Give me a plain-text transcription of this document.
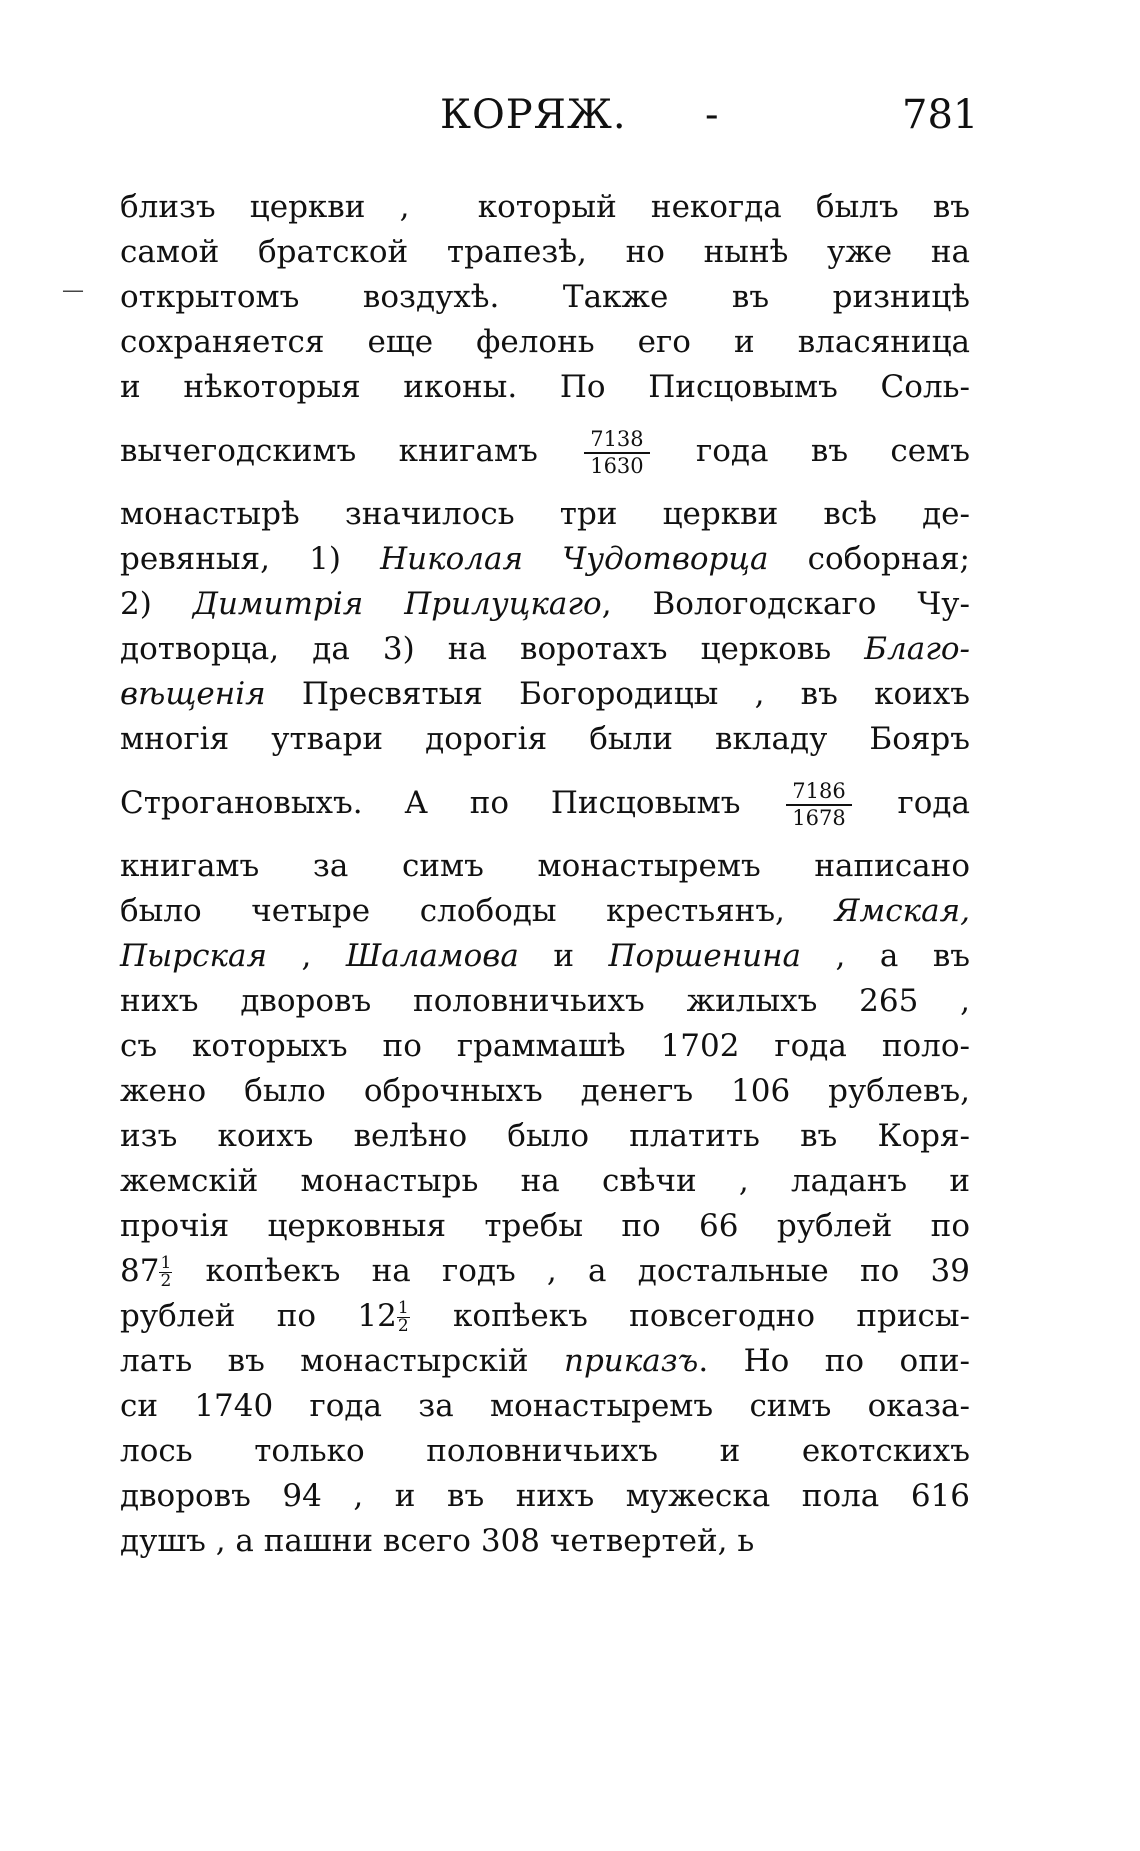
КОРЯЖ. -	781
—
близъ церкви ,  который некогда былъ въ
самой братской трапезѣ, но нынѣ уже на
открытомъ воздухѣ. Также въ ризницѣ
сохраняется еще фелонь его и власяница
и нѣкоторыя иконы. По Писцовымъ Соль-
вычегодскимъ книгамъ $\frac{7138}{1630}$ года въ семъ
монастырѣ значилось три церкви всѣ де-
ревяныя, 1) Николая Чудотворца соборная;
2) Димитрія Прилуцкаго, Вологодскаго Чу-
дотворца, да 3) на воротахъ церковь Благо-
вѣщенія Пресвятыя Богородицы , въ коихъ
многія утвари дорогія были вкладу Бояръ
Строгановыхъ. А по Писцовымъ $\frac{7186}{1678}$ года
книгамъ за симъ монастыремъ написано
было четыре слободы крестьянъ, Ямская,
Пырская , Шаламова и Поршенина , а въ
нихъ дворовъ половничьихъ жилыхъ 265 ,
съ которыхъ по граммашѣ 1702 года поло-
жено было оброчныхъ денегъ 106 рублевъ,
изъ коихъ велѣно было платить въ Коря-
жемскій монастырь на свѣчи , ладанъ и
прочія церковныя требы по 66 рублей по
$87 \frac{1}{2}$ копѣекъ на годъ , а достальные по 39
рублей по $12 \frac{1}{2}$ копѣекъ повсегодно присы-
лать въ монастырскій приказъ. Но по опи-
си 1740 года за монастыремъ симъ оказа-
лось только половничьихъ и екотскихъ
дворовъ 94 , и въ нихъ мужеска пола 616
душъ , а пашни всего 308 четвертей, ь
